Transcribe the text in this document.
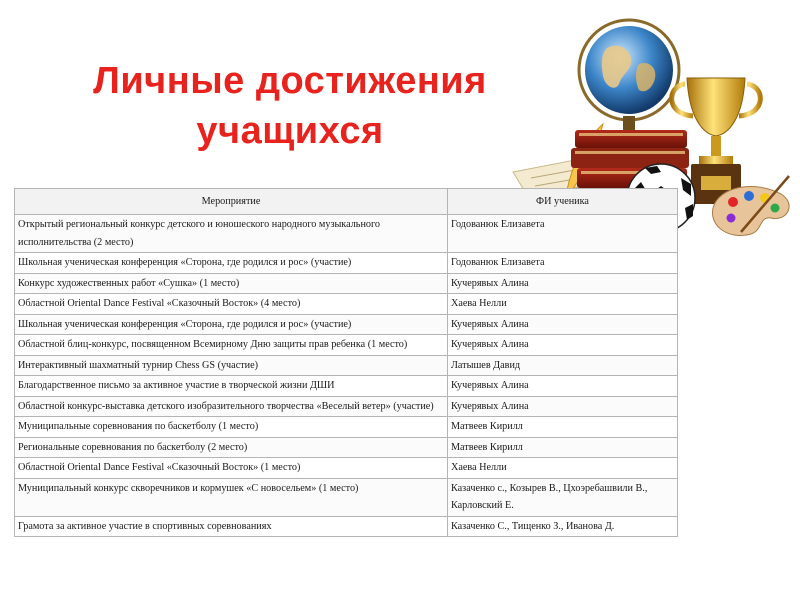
Личные достижения учащихся
Мероприятие	ФИ ученика
Открытый региональный конкурс детского и юношеского народного музыкального исполнительства (2 место)	Годованюк Елизавета
Школьная ученическая конференция «Сторона, где родился и рос» (участие)	Годованюк Елизавета
Конкурс художественных работ «Сушка» (1 место)	Кучерявых Алина
Областной Oriental Dance Festival «Сказочный Восток» (4 место)	Хаева Нелли
Школьная ученическая конференция «Сторона, где родился и рос» (участие)	Кучерявых Алина
Областной блиц-конкурс, посвященном Всемирному Дню защиты прав ребенка (1 место)	Кучерявых Алина
Интерактивный шахматный турнир Chess GS (участие)	Латышев Давид
Благодарственное письмо за активное участие в творческой жизни ДШИ	Кучерявых Алина
Областной конкурс-выставка детского изобразительного творчества «Веселый ветер» (участие)	Кучерявых Алина
Муниципальные соревнования по баскетболу (1 место)	Матвеев Кирилл
Региональные соревнования по баскетболу (2 место)	Матвеев Кирилл
Областной Oriental Dance Festival «Сказочный Восток» (1 место)	Хаева Нелли
Муниципальный конкурс скворечников и кормушек «С новосельем» (1 место)	Казаченко с., Козырев В., Цхоэребашвили В., Карловский Е.
Грамота за активное участие в спортивных соревнованиях	Казаченко С., Тищенко З., Иванова Д.
